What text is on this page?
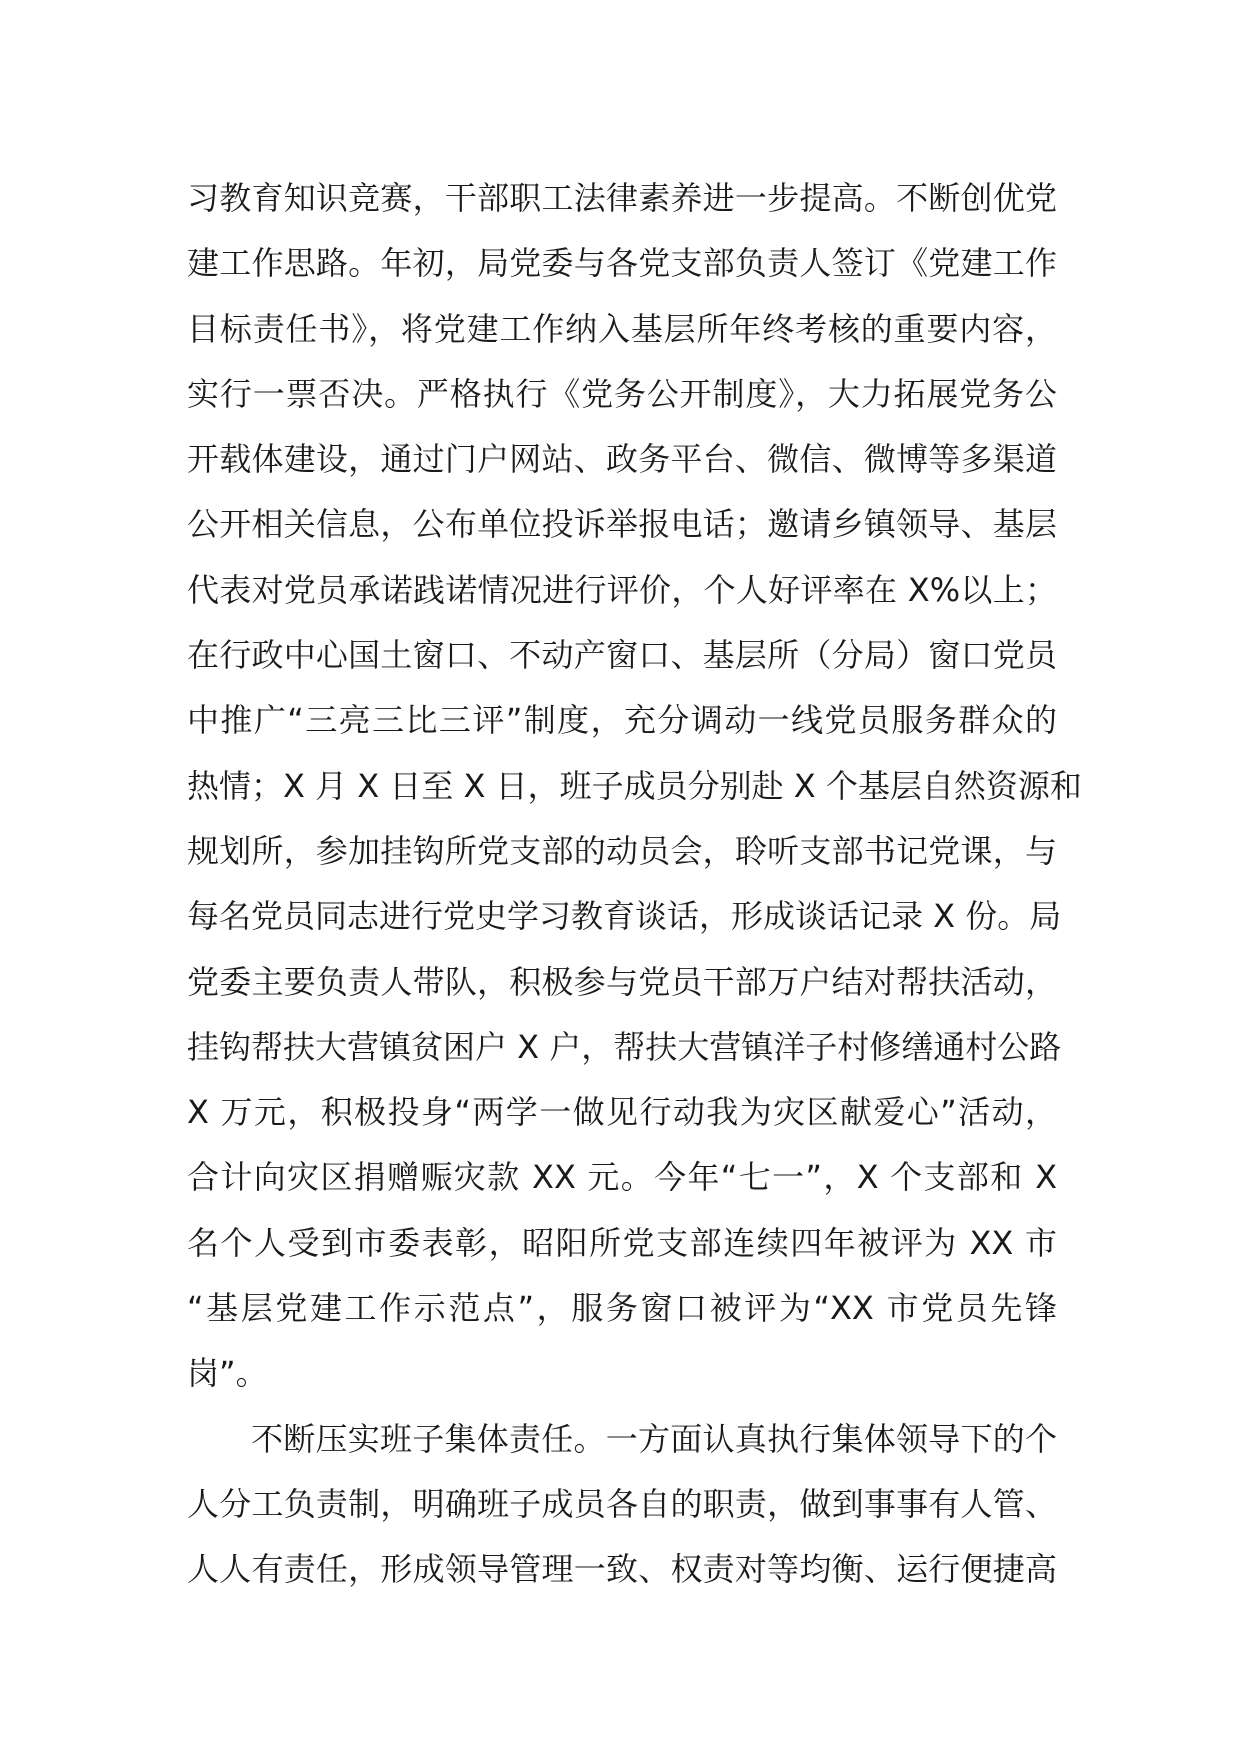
习教育知识竞赛，干部职工法律素养进一步提高。不断创优党
建工作思路。年初，局党委与各党支部负责人签订《党建工作
目标责任书》，将党建工作纳入基层所年终考核的重要内容，
实行一票否决。严格执行《党务公开制度》，大力拓展党务公
开载体建设，通过门户网站、政务平台、微信、微博等多渠道
公开相关信息，公布单位投诉举报电话；邀请乡镇领导、基层
代表对党员承诺践诺情况进行评价，个人好评率在 X%以上；
在行政中心国土窗口、不动产窗口、基层所（分局）窗口党员
中推广“三亮三比三评”制度，充分调动一线党员服务群众的
热情；X 月 X 日至 X 日，班子成员分别赴 X 个基层自然资源和
规划所，参加挂钩所党支部的动员会，聆听支部书记党课，与
每名党员同志进行党史学习教育谈话，形成谈话记录 X 份。局
党委主要负责人带队，积极参与党员干部万户结对帮扶活动，
挂钩帮扶大营镇贫困户 X 户，帮扶大营镇洋子村修缮通村公路
X 万元，积极投身“两学一做见行动我为灾区献爱心”活动，
合计向灾区捐赠赈灾款 XX 元。今年“七一”，X 个支部和 X
名个人受到市委表彰，昭阳所党支部连续四年被评为 XX 市
“基层党建工作示范点”，服务窗口被评为“XX 市党员先锋
岗”。
不断压实班子集体责任。一方面认真执行集体领导下的个
人分工负责制，明确班子成员各自的职责，做到事事有人管、
人人有责任，形成领导管理一致、权责对等均衡、运行便捷高
